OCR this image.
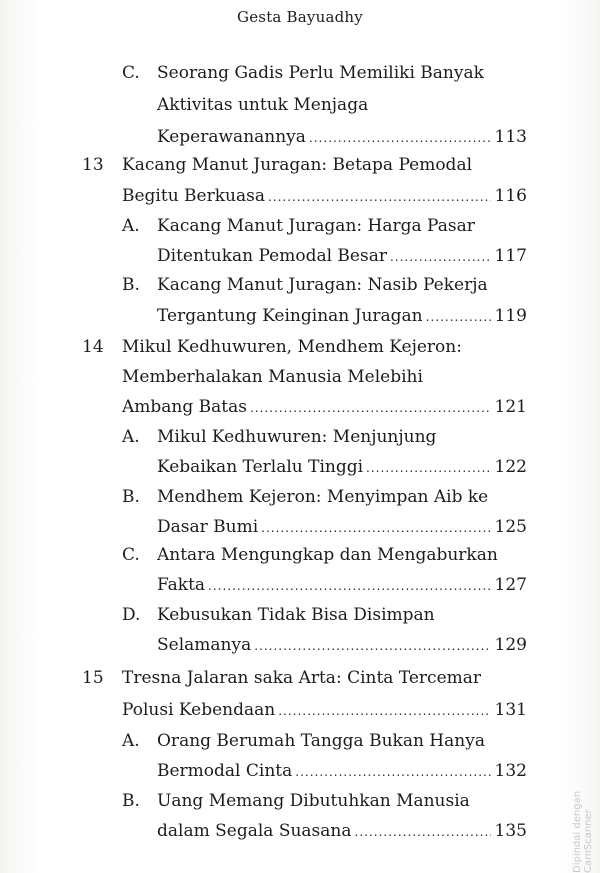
Gesta Bayuadhy
C. Seorang Gadis Perlu Memiliki Banyak
Aktivitas untuk Menjaga
Keperawanannya .....	113
13 Kacang Manut Juragan: Betapa Pemodal
Begitu Berkuasa .....	116
A. Kacang Manut Juragan: Harga Pasar
Ditentukan Pemodal Besar .....	117
B. Kacang Manut Juragan: Nasib Pekerja
Tergantung Keinginan Juragan .....	119
14 Mikul Kedhuwuren, Mendhem Kejeron:
Memberhalakan Manusia Melebihi
Ambang Batas .....	121
A. Mikul Kedhuwuren: Menjunjung
Kebaikan Terlalu Tinggi .....	122
B. Mendhem Kejeron: Menyimpan Aib ke
Dasar Bumi .....	125
C. Antara Mengungkap dan Mengaburkan
Fakta .....	127
D. Kebusukan Tidak Bisa Disimpan
Selamanya .....	129
15 Tresna Jalaran saka Arta: Cinta Tercemar
Polusi Kebendaan .....	131
A. Orang Berumah Tangga Bukan Hanya
Bermodal Cinta .....	132
B. Uang Memang Dibutuhkan Manusia
dalam Segala Suasana .....	135	Dipindai dengan CamScanner
